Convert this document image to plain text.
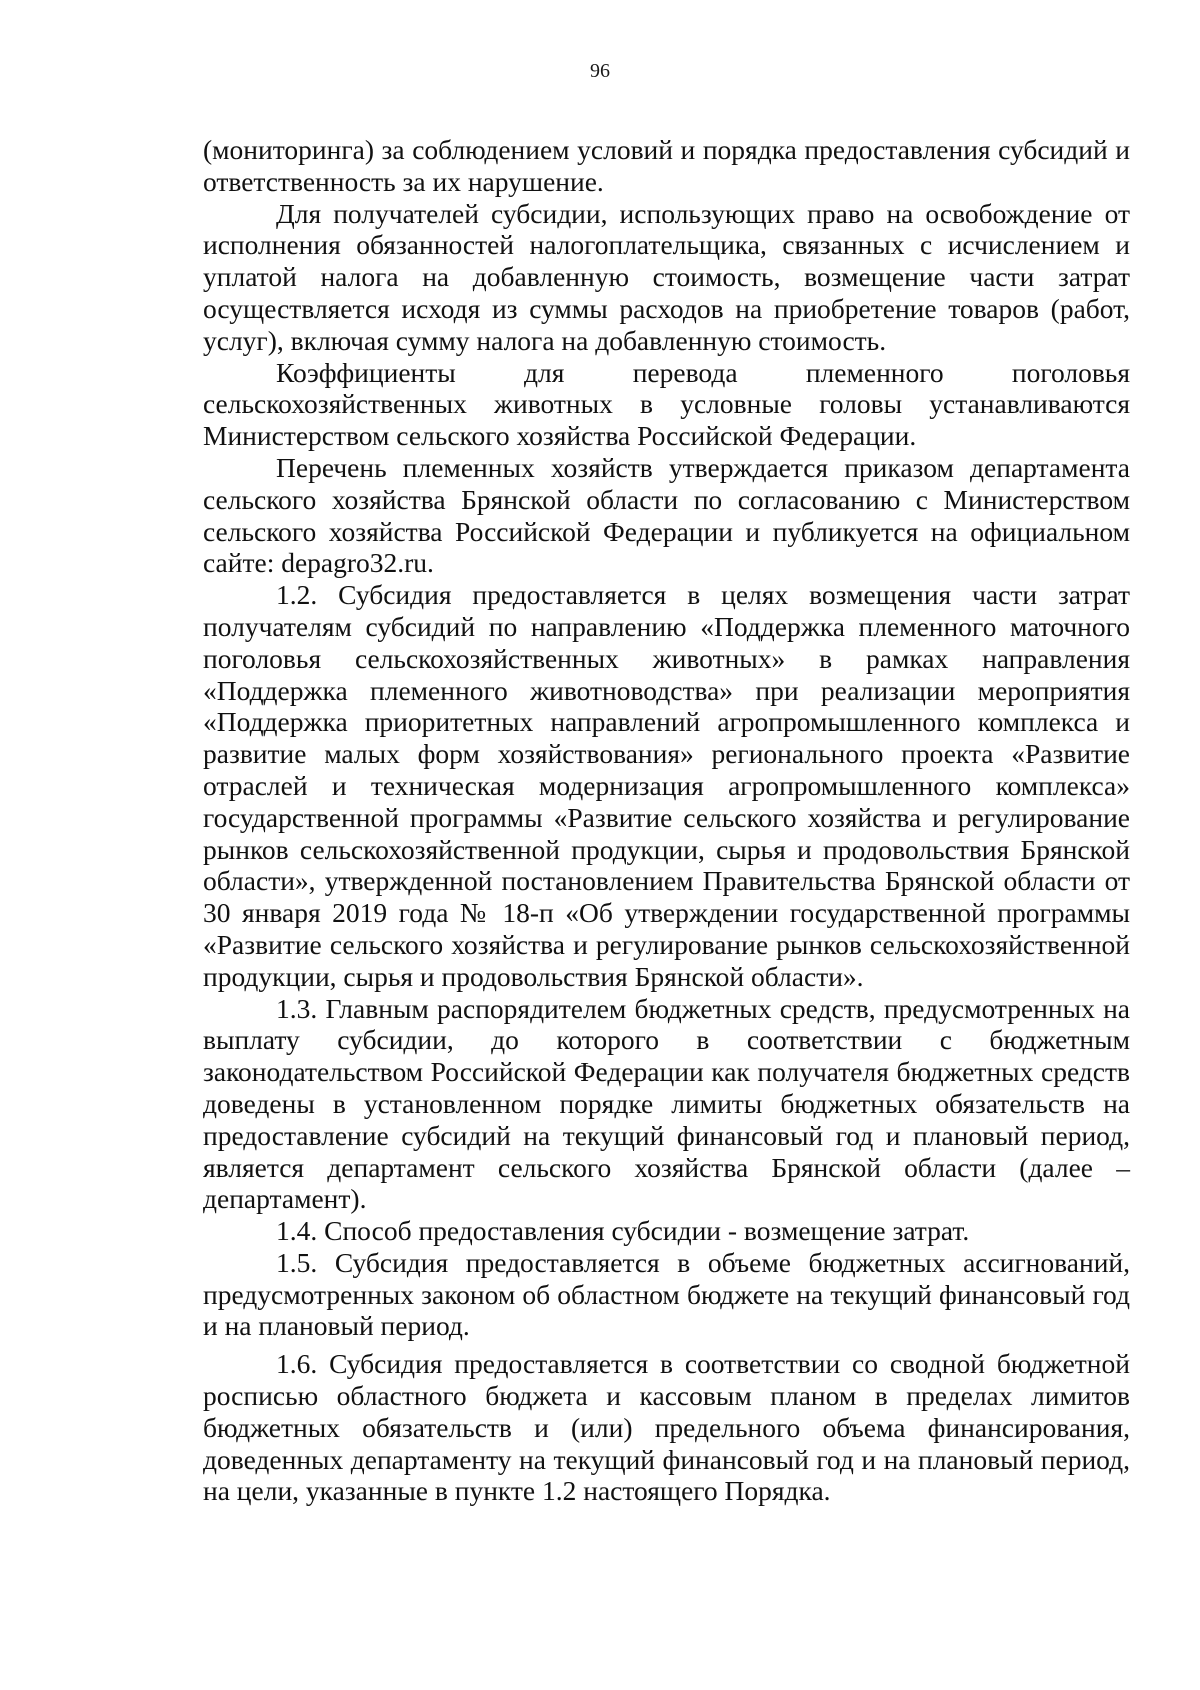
96

(мониторинга) за соблюдением условий и порядка предоставления субсидий и ответственность за их нарушение.

Для получателей субсидии, использующих право на освобождение от исполнения обязанностей налогоплательщика, связанных с исчислением и уплатой налога на добавленную стоимость, возмещение части затрат осуществляется исходя из суммы расходов на приобретение товаров (работ, услуг), включая сумму налога на добавленную стоимость.

Коэффициенты для перевода племенного поголовья сельскохозяйственных животных в условные головы устанавливаются Министерством сельского хозяйства Российской Федерации.

Перечень племенных хозяйств утверждается приказом департамента сельского хозяйства Брянской области по согласованию с Министерством сельского хозяйства Российской Федерации и публикуется на официальном сайте: depagro32.ru.

1.2. Субсидия предоставляется в целях возмещения части затрат получателям субсидий по направлению «Поддержка племенного маточного поголовья сельскохозяйственных животных» в рамках направления «Поддержка племенного животноводства» при реализации мероприятия «Поддержка приоритетных направлений агропромышленного комплекса и развитие малых форм хозяйствования» регионального проекта «Развитие отраслей и техническая модернизация агропромышленного комплекса» государственной программы «Развитие сельского хозяйства и регулирование рынков сельскохозяйственной продукции, сырья и продовольствия Брянской области», утвержденной постановлением Правительства Брянской области от 30 января 2019 года № 18-п «Об утверждении государственной программы «Развитие сельского хозяйства и регулирование рынков сельскохозяйственной продукции, сырья и продовольствия Брянской области».

1.3. Главным распорядителем бюджетных средств, предусмотренных на выплату субсидии, до которого в соответствии с бюджетным законодательством Российской Федерации как получателя бюджетных средств доведены в установленном порядке лимиты бюджетных обязательств на предоставление субсидий на текущий финансовый год и плановый период, является департамент сельского хозяйства Брянской области (далее – департамент).

1.4. Способ предоставления субсидии - возмещение затрат.

1.5. Субсидия предоставляется в объеме бюджетных ассигнований, предусмотренных законом об областном бюджете на текущий финансовый год и на плановый период.

1.6. Субсидия предоставляется в соответствии со сводной бюджетной росписью областного бюджета и кассовым планом в пределах лимитов бюджетных обязательств и (или) предельного объема финансирования, доведенных департаменту на текущий финансовый год и на плановый период, на цели, указанные в пункте 1.2 настоящего Порядка.
